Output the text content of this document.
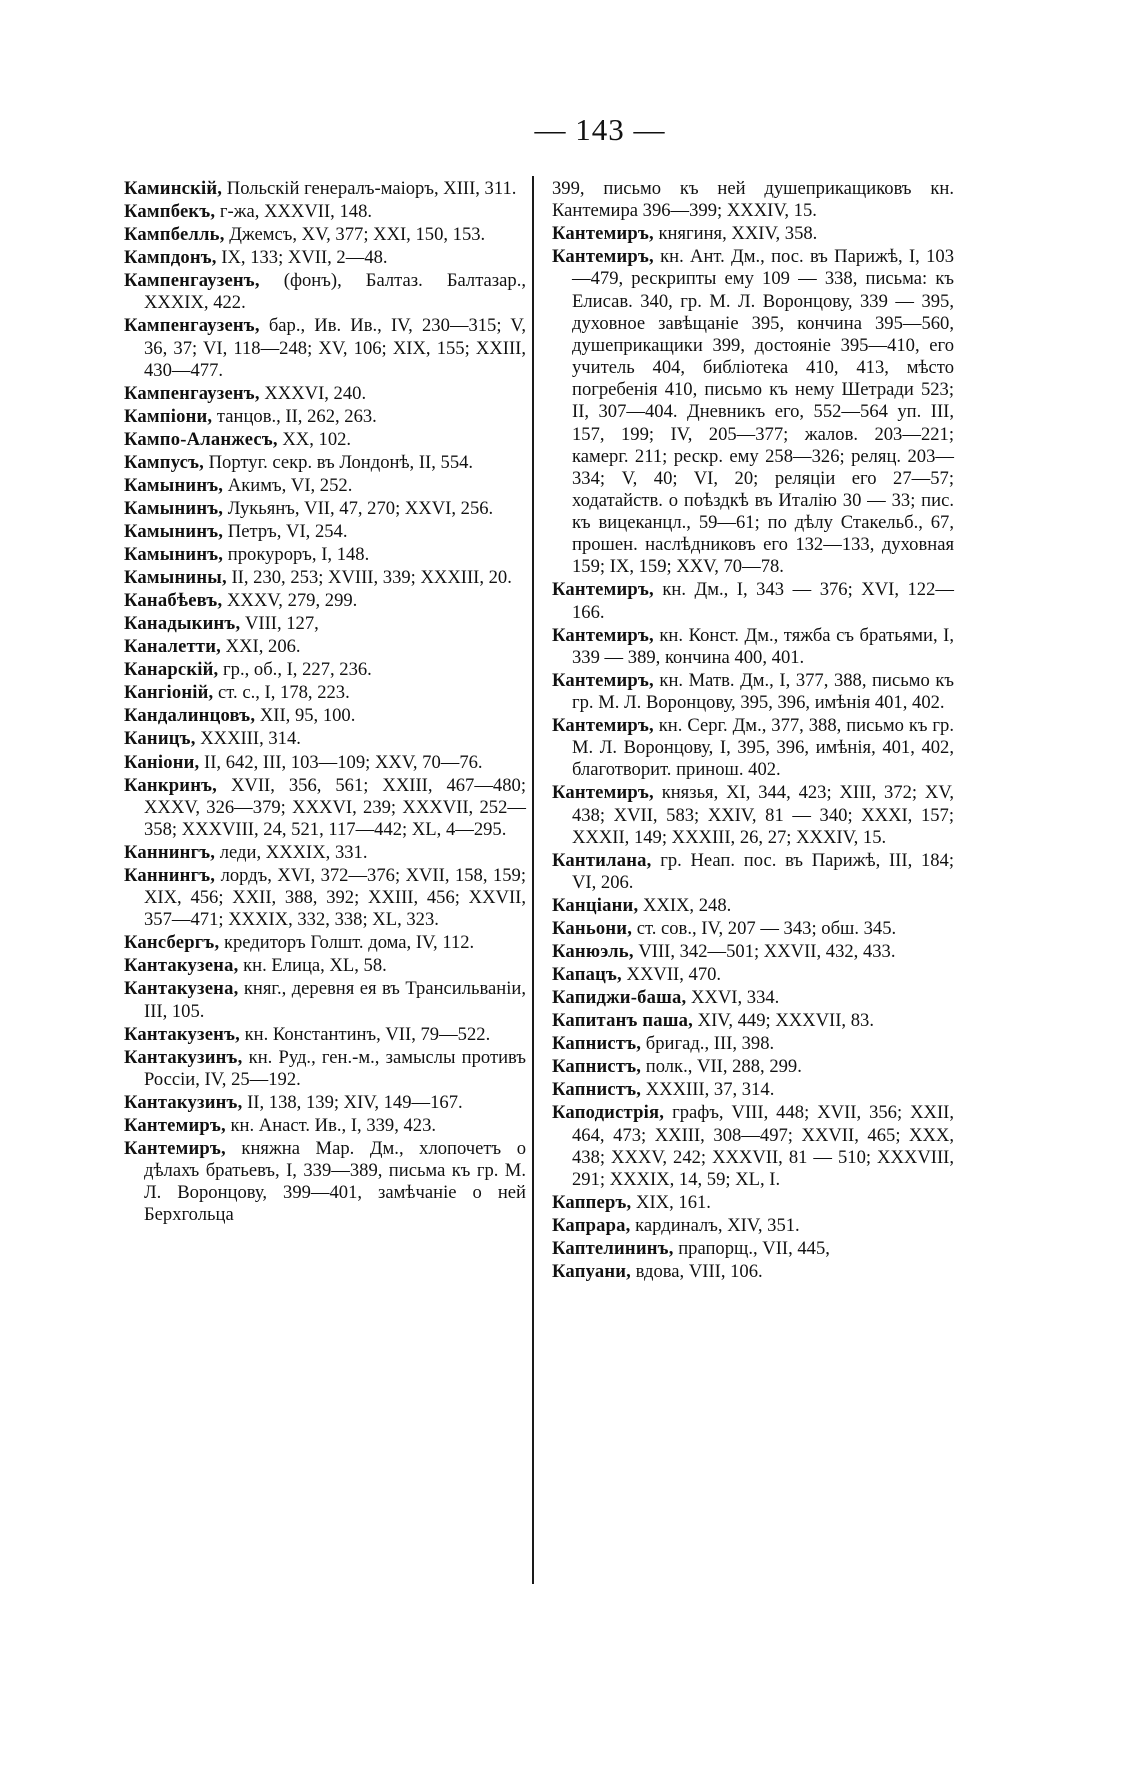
— 143 —

Каминскій, Польскій генералъ-маіоръ, XIII, 311.

Кампбекъ, г-жа, XXXVII, 148.

Кампбелль, Джемсъ, XV, 377; XXI, 150, 153.

Кампдонъ, IX, 133; XVII, 2—48.

Кампенгаузенъ, (фонъ), Балтаз. Балтазар., XXXIX, 422.

Кампенгаузенъ, бар., Ив. Ив., IV, 230—315; V, 36, 37; VI, 118—248; XV, 106; XIX, 155; XXIII, 430—477.

Кампенгаузенъ, XXXVI, 240.

Кампіони, танцов., II, 262, 263.

Кампо-Аланжесъ, XX, 102.

Кампусъ, Португ. секр. въ Лондонѣ, II, 554.

Камынинъ, Акимъ, VI, 252.

Камынинъ, Лукьянъ, VII, 47, 270; XXVI, 256.

Камынинъ, Петръ, VI, 254.

Камынинъ, прокуроръ, I, 148.

Камынины, II, 230, 253; XVIII, 339; XXXIII, 20.

Канабѣевъ, XXXV, 279, 299.

Канадыкинъ, VIII, 127,

Каналетти, XXI, 206.

Канарскій, гр., об., I, 227, 236.

Кангіоній, ст. с., I, 178, 223.

Кандалинцовъ, XII, 95, 100.

Каницъ, XXXIII, 314.

Каніони, II, 642, III, 103—109; XXV, 70—76.

Канкринъ, XVII, 356, 561; XXIII, 467—480; XXXV, 326—379; XXXVI, 239; XXXVII, 252—358; XXXVIII, 24, 521, 117—442; XL, 4—295.

Каннингъ, леди, XXXIX, 331.

Каннингъ, лордъ, XVI, 372—376; XVII, 158, 159; XIX, 456; XXII, 388, 392; XXIII, 456; XXVII, 357—471; XXXIX, 332, 338; XL, 323.

Кансбергъ, кредиторъ Голшт. дома, IV, 112.

Кантакузена, кн. Елица, XL, 58.

Кантакузена, княг., деревня ея въ Трансильваніи, III, 105.

Кантакузенъ, кн. Константинъ, VII, 79—522.

Кантакузинъ, кн. Руд., ген.-м., замыслы противъ Россіи, IV, 25—192.

Кантакузинъ, II, 138, 139; XIV, 149—167.

Кантемиръ, кн. Анаст. Ив., I, 339, 423.

Кантемиръ, княжна Мар. Дм., хлопочетъ о дѣлахъ братьевъ, I, 339—389, письма къ гр. М. Л. Воронцову, 399—401, замѣчаніе о ней Берхгольца

399, письмо къ ней душеприкащиковъ кн. Кантемира 396—399; XXXIV, 15.

Кантемиръ, княгиня, XXIV, 358.

Кантемиръ, кн. Ант. Дм., пос. въ Парижѣ, I, 103—479, рескрипты ему 109 — 338, письма: къ Елисав. 340, гр. М. Л. Воронцову, 339 — 395, духовное завѣщаніе 395, кончина 395—560, душеприкащики 399, достояніе 395—410, его учитель 404, библіотека 410, 413, мѣсто погребенія 410, письмо къ нему Шетради 523; II, 307—404. Дневникъ его, 552—564 уп. III, 157, 199; IV, 205—377; жалов. 203—221; камерг. 211; рескр. ему 258—326; реляц. 203—334; V, 40; VI, 20; реляціи его 27—57; ходатайств. о поѣздкѣ въ Италію 30 — 33; пис. къ вицеканцл., 59—61; по дѣлу Стакельб., 67, прошен. наслѣдниковъ его 132—133, духовная 159; IX, 159; XXV, 70—78.

Кантемиръ, кн. Дм., I, 343 — 376; XVI, 122—166.

Кантемиръ, кн. Конст. Дм., тяжба съ братьями, I, 339 — 389, кончина 400, 401.

Кантемиръ, кн. Матв. Дм., I, 377, 388, письмо къ гр. М. Л. Воронцову, 395, 396, имѣнія 401, 402.

Кантемиръ, кн. Серг. Дм., 377, 388, письмо къ гр. М. Л. Воронцову, I, 395, 396, имѣнія, 401, 402, благотворит. принош. 402.

Кантемиръ, князья, XI, 344, 423; XIII, 372; XV, 438; XVII, 583; XXIV, 81 — 340; XXXI, 157; XXXII, 149; XXXIII, 26, 27; XXXIV, 15.

Кантилана, гр. Неап. пос. въ Парижѣ, III, 184; VI, 206.

Канціани, XXIX, 248.

Каньони, ст. сов., IV, 207 — 343; обш. 345.

Канюэль, VIII, 342—501; XXVII, 432, 433.

Капацъ, XXVII, 470.

Капиджи-баша, XXVI, 334.

Капитанъ паша, XIV, 449; XXXVII, 83.

Капнистъ, бригад., III, 398.

Капнистъ, полк., VII, 288, 299.

Капнистъ, XXXIII, 37, 314.

Каподистрія, графъ, VIII, 448; XVII, 356; XXII, 464, 473; XXIII, 308—497; XXVII, 465; XXX, 438; XXXV, 242; XXXVII, 81 — 510; XXXVIII, 291; XXXIX, 14, 59; XL, I.

Капперъ, XIX, 161.

Капрара, кардиналъ, XIV, 351.

Каптелининъ, прапорщ., VII, 445,

Капуани, вдова, VIII, 106.
